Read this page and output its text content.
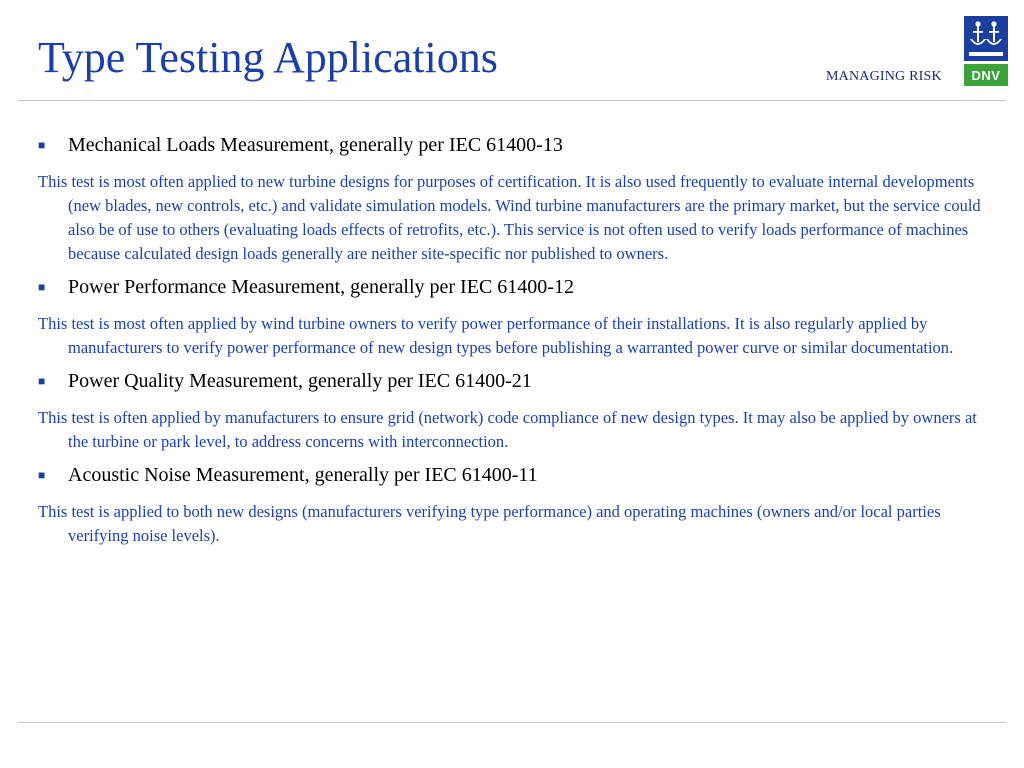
Type Testing Applications	MANAGING RISK	DNV
■	Mechanical Loads Measurement, generally per IEC 61400-13
This test is most often applied to new turbine designs for purposes of certification. It is also used frequently to evaluate internal developments (new blades, new controls, etc.) and validate simulation models. Wind turbine manufacturers are the primary market, but the service could also be of use to others (evaluating loads effects of retrofits, etc.). This service is not often used to verify loads performance of machines because calculated design loads generally are neither site-specific nor published to owners.
■	Power Performance Measurement, generally per IEC 61400-12
This test is most often applied by wind turbine owners to verify power performance of their installations. It is also regularly applied by manufacturers to verify power performance of new design types before publishing a warranted power curve or similar documentation.
■	Power Quality Measurement, generally per IEC 61400-21
This test is often applied by manufacturers to ensure grid (network) code compliance of new design types. It may also be applied by owners at the turbine or park level, to address concerns with interconnection.
■	Acoustic Noise Measurement, generally per IEC 61400-11
This test is applied to both new designs (manufacturers verifying type performance) and operating machines (owners and/or local parties verifying noise levels).
